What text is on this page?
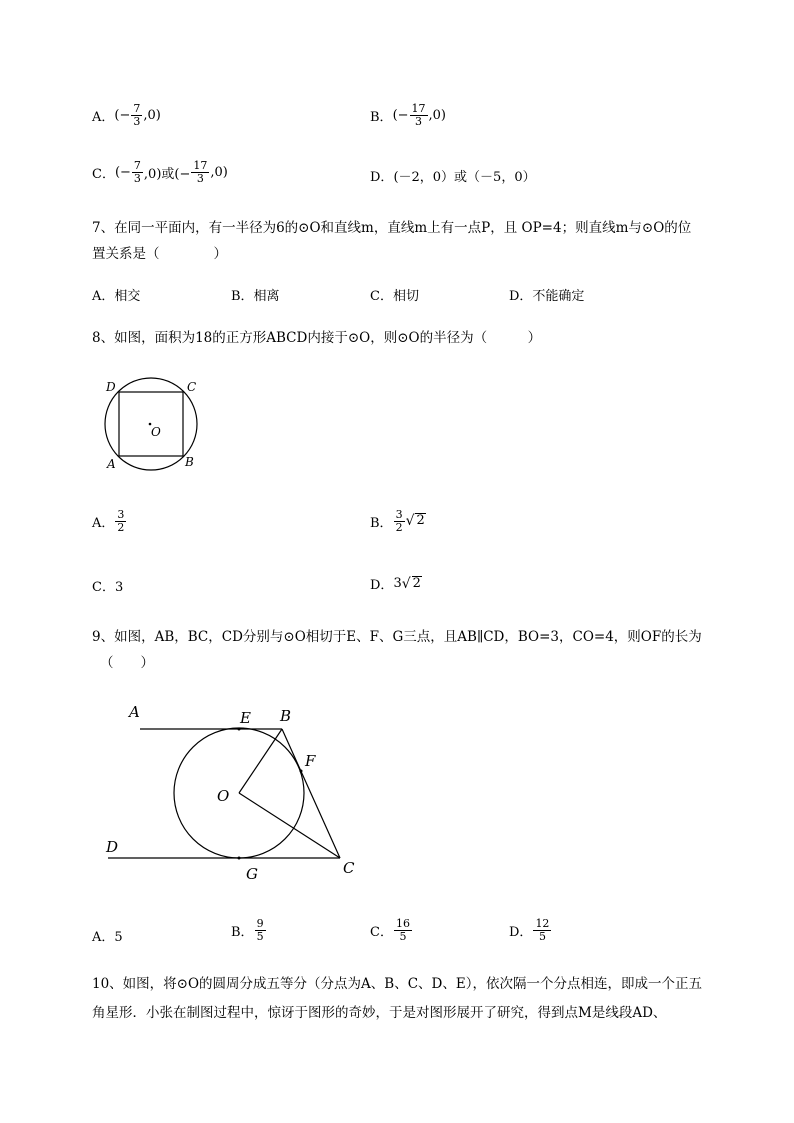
A． (− $\frac{7}{3} ,0$)	B． (− $\frac{17}{3} ,0$)
C． (− $\frac{7}{3} ,0$)或(− $\frac{17}{3} ,0$)	D． (－2，0）或（－5，0）
7、在同一平面内，有一半径为6的⊙O和直线m，直线m上有一点P，且 OP=4；则直线m与⊙O的位
置关系是（　　　　）
A．相交	B．相离	C．相切	D．不能确定
8、如图，面积为18的正方形ABCD内接于⊙O，则⊙O的半径为（　　　）
D	C
A	B
O
A． $\frac{3}{2}$	B． $\frac{3}{2}$ √ 2
C．3	D． 3 √ 2
9、如图，AB，BC，CD分别与⊙O相切于E、F、G三点，且AB∥CD，BO=3，CO=4，则OF的长为
（　　）
A	E B
F
O
D
G	C
A．5	B． $\frac{9}{5}$	C． $\frac{16}{5}$	D． $\frac{12}{5}$
10、如图，将⊙O的圆周分成五等分（分点为A、B、C、D、E），依次隔一个分点相连，即成一个正五
角星形．小张在制图过程中，惊讶于图形的奇妙，于是对图形展开了研究，得到点M是线段AD、
